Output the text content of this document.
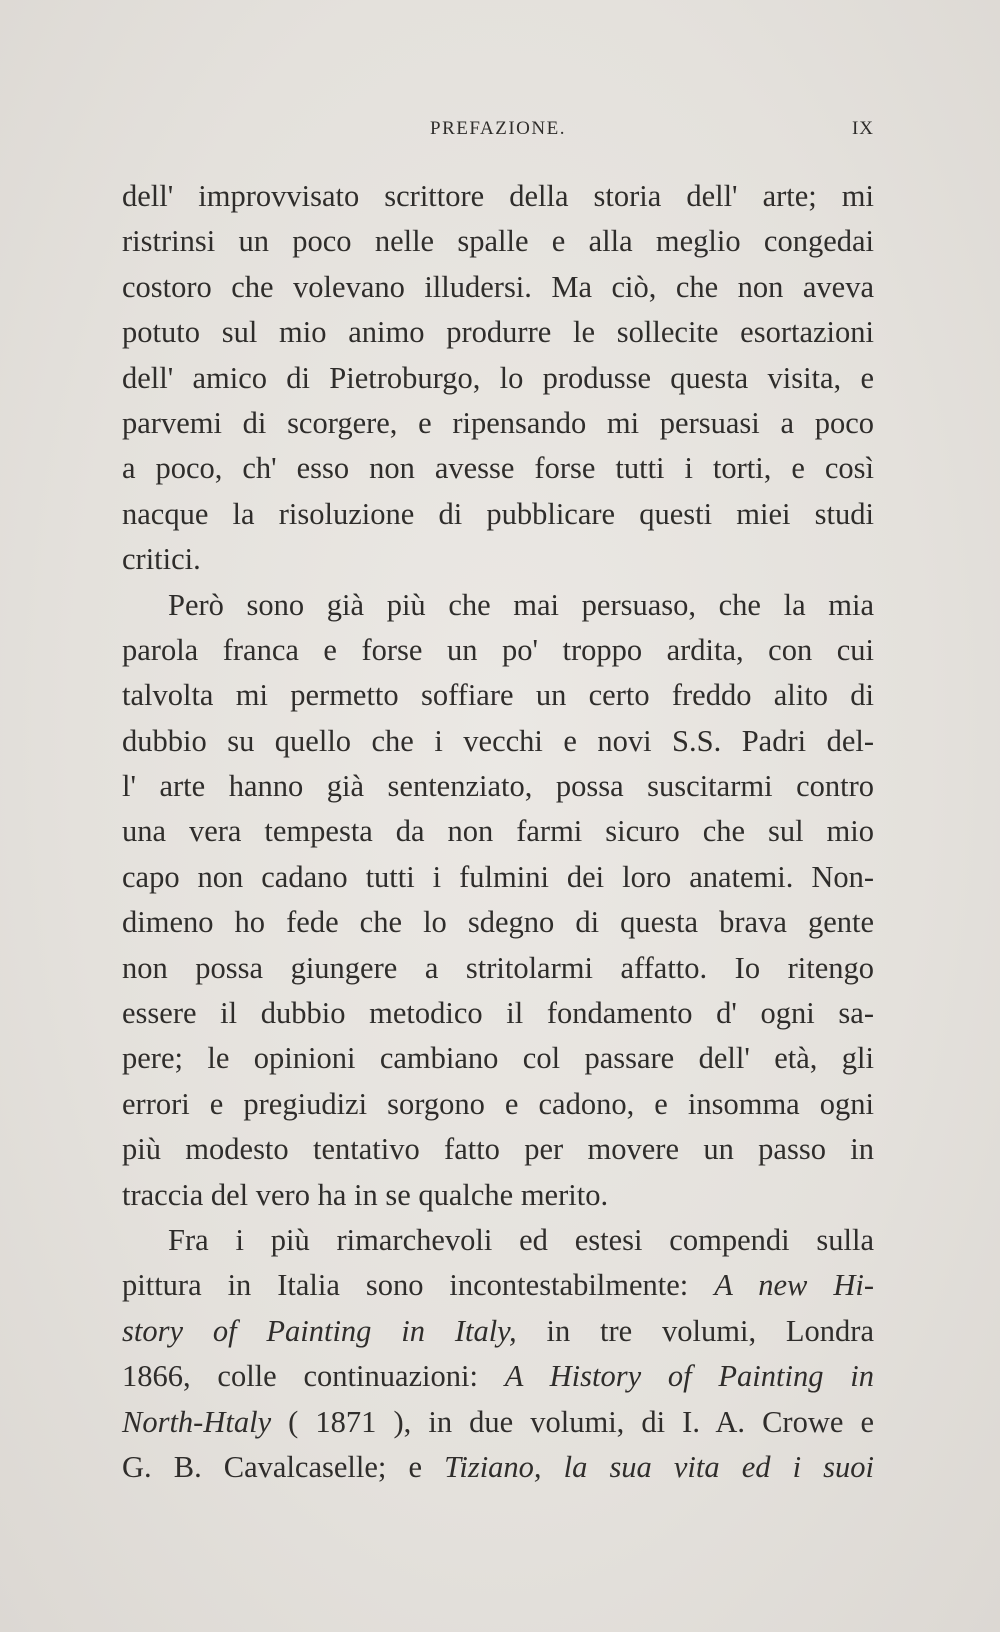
PREFAZIONE.	IX
dell' improvvisato scrittore della storia dell' arte; mi
ristrinsi un poco nelle spalle e alla meglio congedai
costoro che volevano illudersi. Ma ciò, che non aveva
potuto sul mio animo produrre le sollecite esortazioni
dell' amico di Pietroburgo, lo produsse questa visita, e
parvemi di scorgere, e ripensando mi persuasi a poco
a poco, ch' esso non avesse forse tutti i torti, e così
nacque la risoluzione di pubblicare questi miei studi
critici.
Però sono già più che mai persuaso, che la mia
parola franca e forse un po' troppo ardita, con cui
talvolta mi permetto soffiare un certo freddo alito di
dubbio su quello che i vecchi e novi S.S. Padri del-
l' arte hanno già sentenziato, possa suscitarmi contro
una vera tempesta da non farmi sicuro che sul mio
capo non cadano tutti i fulmini dei loro anatemi. Non-
dimeno ho fede che lo sdegno di questa brava gente
non possa giungere a stritolarmi affatto. Io ritengo
essere il dubbio metodico il fondamento d' ogni sa-
pere; le opinioni cambiano col passare dell' età, gli
errori e pregiudizi sorgono e cadono, e insomma ogni
più modesto tentativo fatto per movere un passo in
traccia del vero ha in se qualche merito.
Fra i più rimarchevoli ed estesi compendi sulla
pittura in Italia sono incontestabilmente: A new Hi-
story of Painting in Italy, in tre volumi, Londra
1866, colle continuazioni: A History of Painting in
North-Htaly ( 1871 ), in due volumi, di I. A. Crowe e
G. B. Cavalcaselle; e Tiziano, la sua vita ed i suoi
